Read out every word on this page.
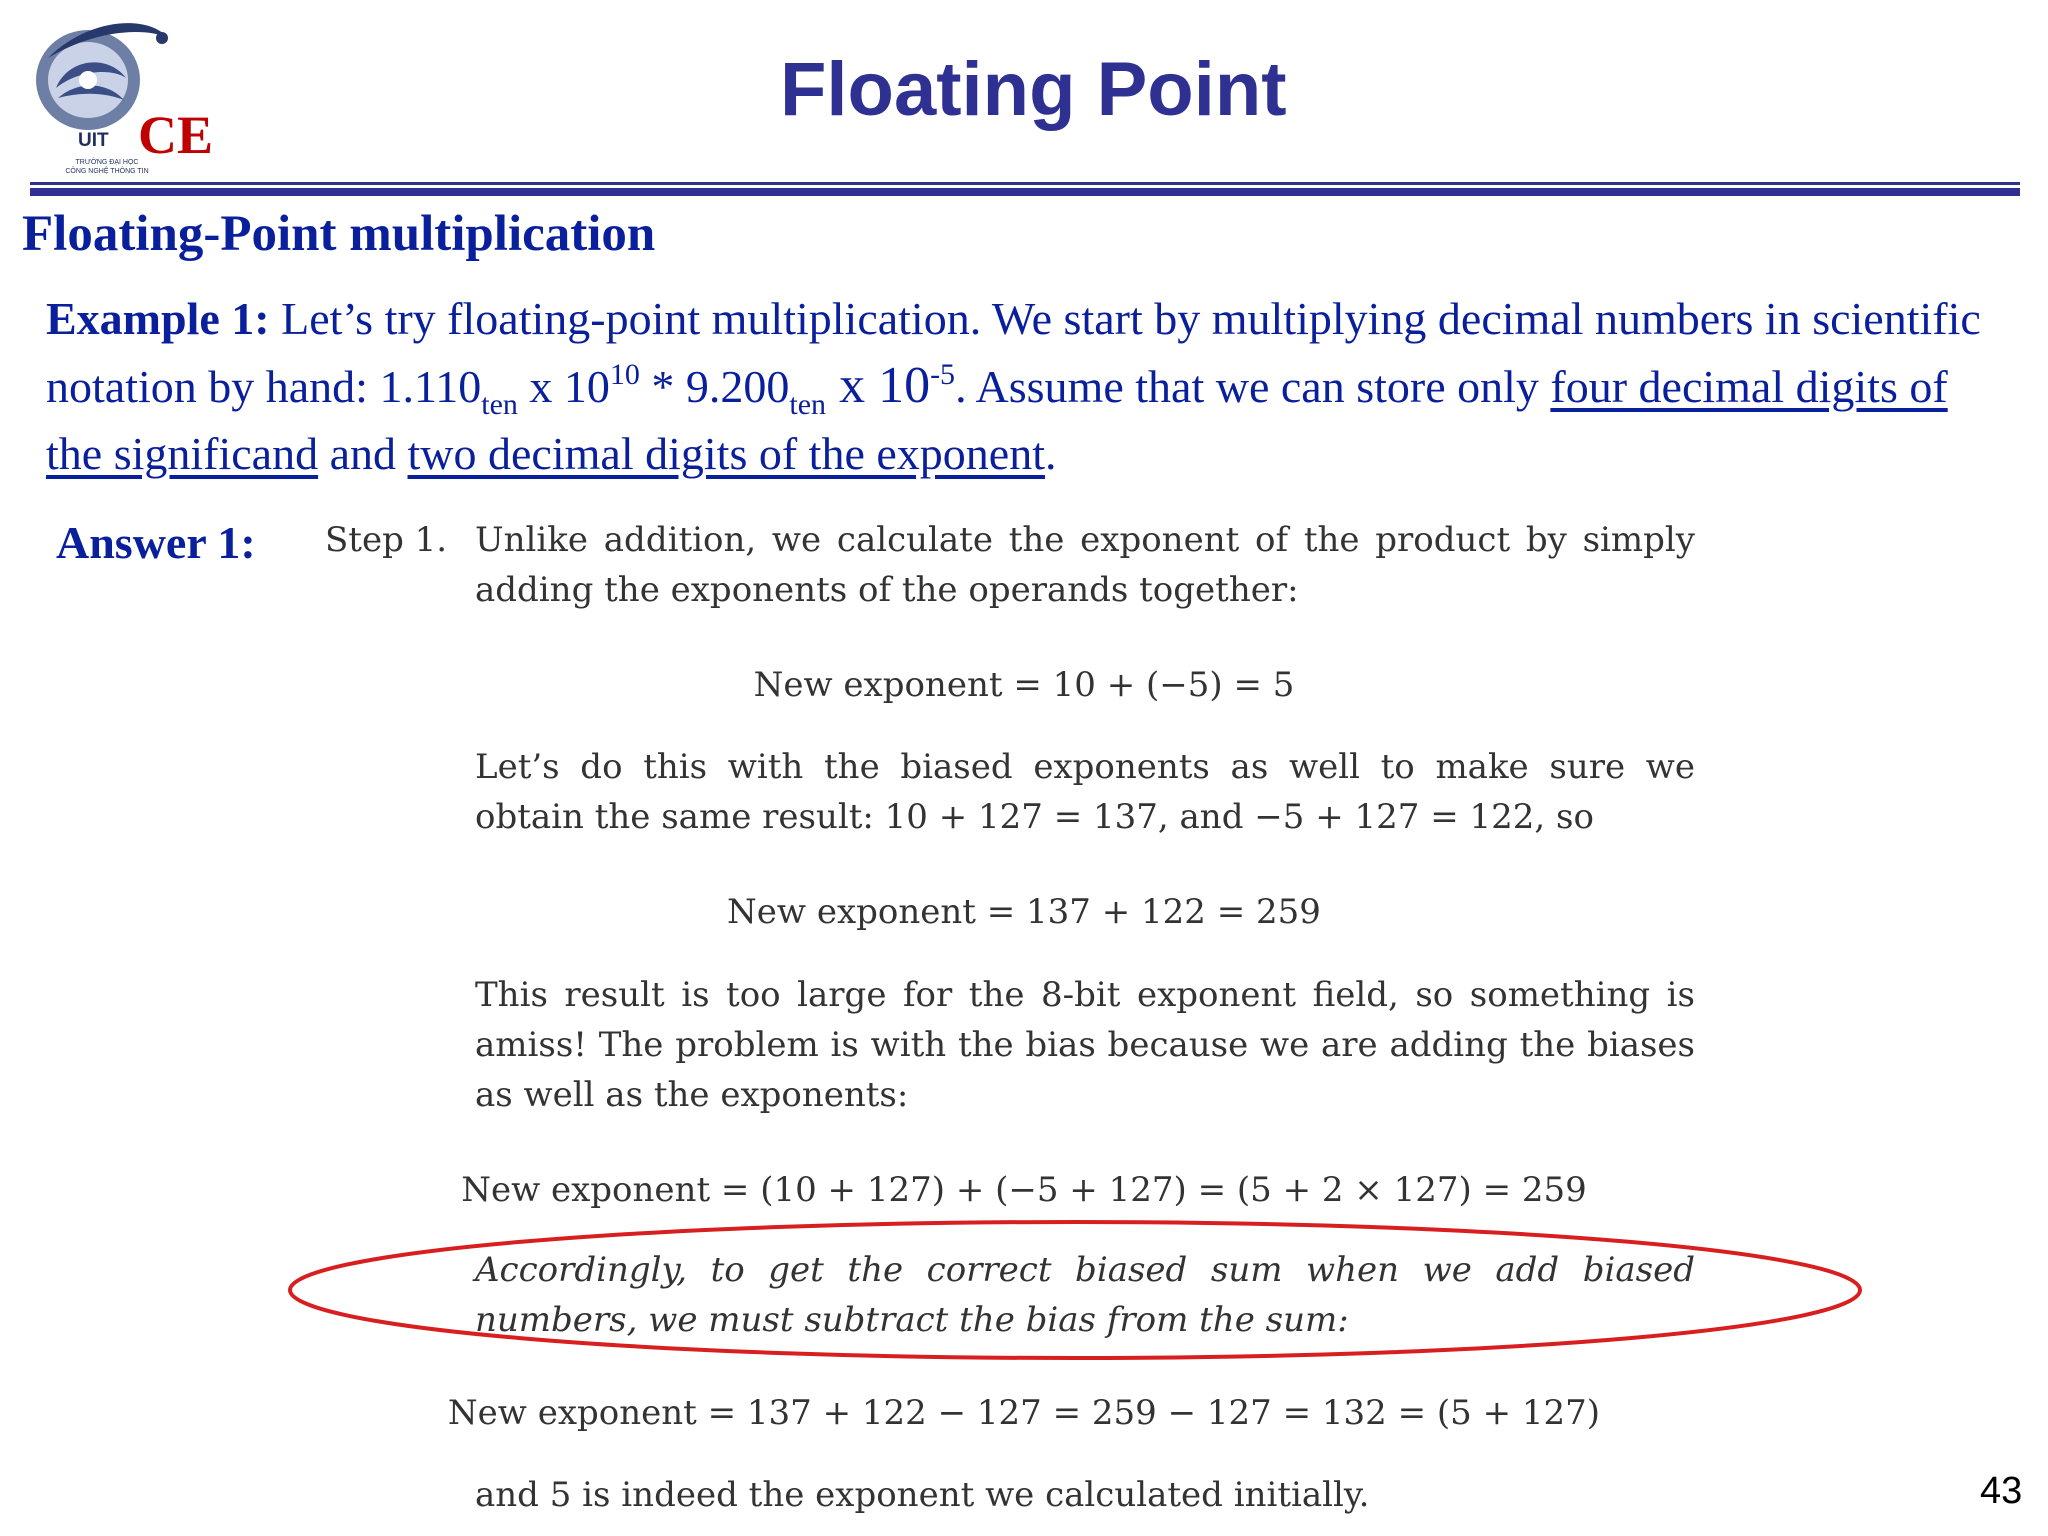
UIT CE
TRƯỜNG ĐẠI HỌC
CÔNG NGHỆ THÔNG TIN
Floating Point
Floating-Point multiplication
Example 1: Let’s try floating-point multiplication. We start by multiplying decimal numbers in scientific notation by hand: $1.110_{ten}$ x $10^{10} * 9.200_{ten}$ x $10^{-5}$. Assume that we can store only four decimal digits of the significand and two decimal digits of the exponent.
Answer 1: Step 1. Unlike addition, we calculate the exponent of the product by simply adding the exponents of the operands together:
New exponent = 10 + (−5) = 5
Let’s do this with the biased exponents as well to make sure we obtain the same result: 10 + 127 = 137, and −5 + 127 = 122, so
New exponent = 137 + 122 = 259
This result is too large for the 8-bit exponent field, so something is amiss! The problem is with the bias because we are adding the biases as well as the exponents:
New exponent = (10 + 127) + (−5 + 127) = (5 + 2 × 127) = 259
Accordingly, to get the correct biased sum when we add biased numbers, we must subtract the bias from the sum:
New exponent = 137 + 122 − 127 = 259 − 127 = 132 = (5 + 127)
and 5 is indeed the exponent we calculated initially.	43
